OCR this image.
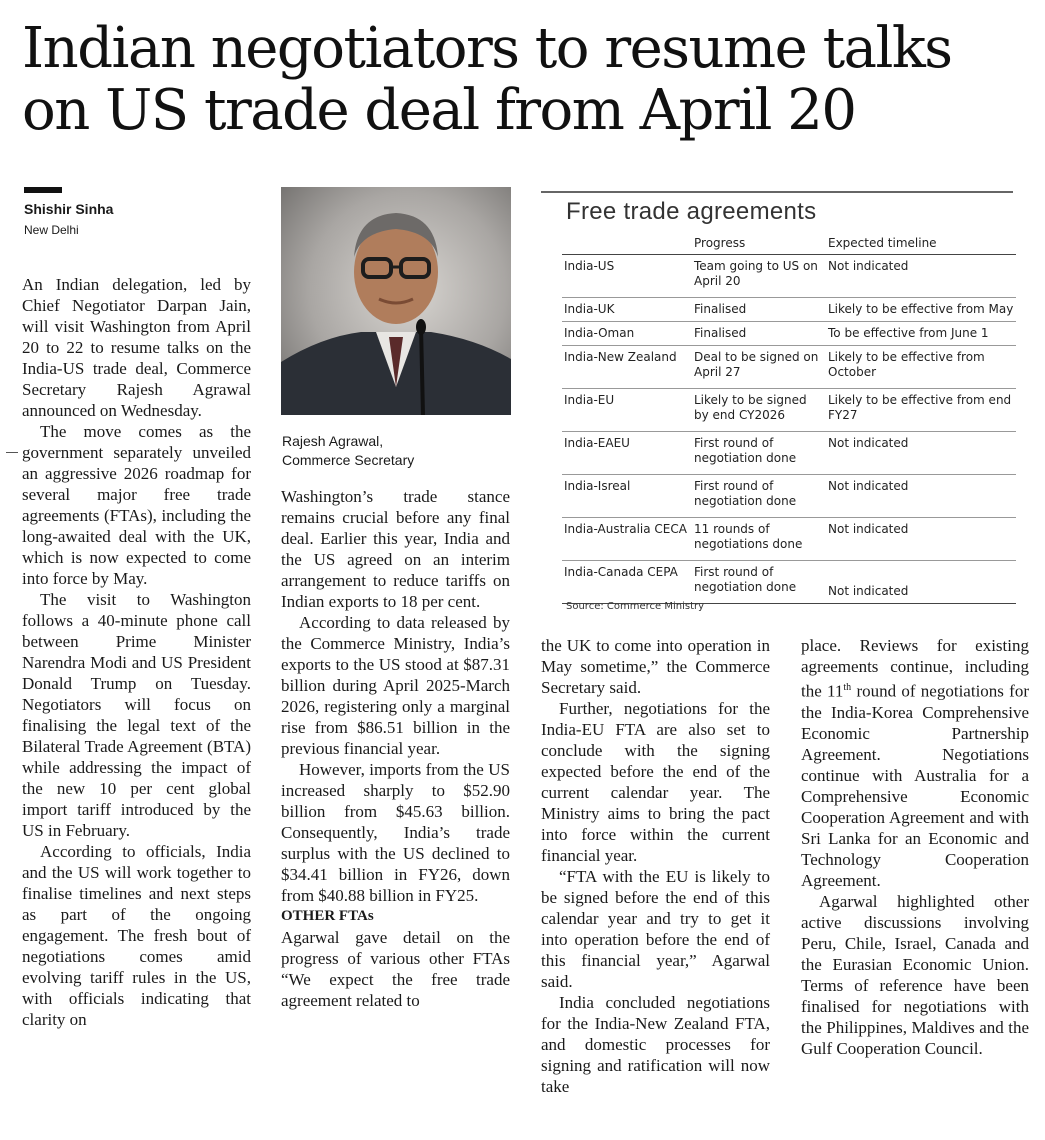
Indian negotiators to resume talks on US trade deal from April 20
Shishir Sinha
New Delhi

An Indian delegation, led by Chief Negotiator Darpan Jain, will visit Washington from April 20 to 22 to resume talks on the India-US trade deal, Commerce Secretary Rajesh Agrawal announced on Wednesday.

The move comes as the government separately unveiled an aggressive 2026 roadmap for several major free trade agreements (FTAs), including the long-awaited deal with the UK, which is now expected to come into force by May.

The visit to Washington follows a 40-minute phone call between Prime Minister Narendra Modi and US President Donald Trump on Tuesday. Negotiators will focus on finalising the legal text of the Bilateral Trade Agreement (BTA) while addressing the impact of the new 10 per cent global import tariff introduced by the US in February.

According to officials, India and the US will work together to finalise timelines and next steps as part of the ongoing engagement. The fresh bout of negotiations comes amid evolving tariff rules in the US, with officials indicating that clarity on

Rajesh Agrawal,
Commerce Secretary

Washington’s trade stance remains crucial before any final deal. Earlier this year, India and the US agreed on an interim arrangement to reduce tariffs on Indian exports to 18 per cent.

According to data released by the Commerce Ministry, India’s exports to the US stood at $87.31 billion during April 2025-March 2026, registering only a marginal rise from $86.51 billion in the previous financial year.

However, imports from the US increased sharply to $52.90 billion from $45.63 billion. Consequently, India’s trade surplus with the US declined to $34.41 billion in FY26, down from $40.88 billion in FY25.

OTHER FTAs

Agarwal gave detail on the progress of various other FTAs “We expect the free trade agreement related to

Free trade agreements
	Progress	Expected timeline
India-US	Team going to US on April 20	Not indicated
India-UK	Finalised	Likely to be effective from May
India-Oman	Finalised	To be effective from June 1
India-New Zealand	Deal to be signed on April 27	Likely to be effective from October
India-EU	Likely to be signed by end CY2026	Likely to be effective from end FY27
India-EAEU	First round of negotiation done	Not indicated
India-Isreal	First round of negotiation done	Not indicated
India-Australia CECA	11 rounds of negotiations done	Not indicated
India-Canada CEPA	First round of negotiation done	Not indicated
Source: Commerce Ministry

the UK to come into operation in May sometime,” the Commerce Secretary said.

Further, negotiations for the India-EU FTA are also set to conclude with the signing expected before the end of the current calendar year. The Ministry aims to bring the pact into force within the current financial year.

“FTA with the EU is likely to be signed before the end of this calendar year and try to get it into operation before the end of this financial year,” Agarwal said.

India concluded negotiations for the India-New Zealand FTA, and domestic processes for signing and ratification will now take

place. Reviews for existing agreements continue, including the 11th round of negotiations for the India-Korea Comprehensive Economic Partnership Agreement. Negotiations continue with Australia for a Comprehensive Economic Cooperation Agreement and with Sri Lanka for an Economic and Technology Cooperation Agreement.

Agarwal highlighted other active discussions involving Peru, Chile, Israel, Canada and the Eurasian Economic Union. Terms of reference have been finalised for negotiations with the Philippines, Maldives and the Gulf Cooperation Council.
